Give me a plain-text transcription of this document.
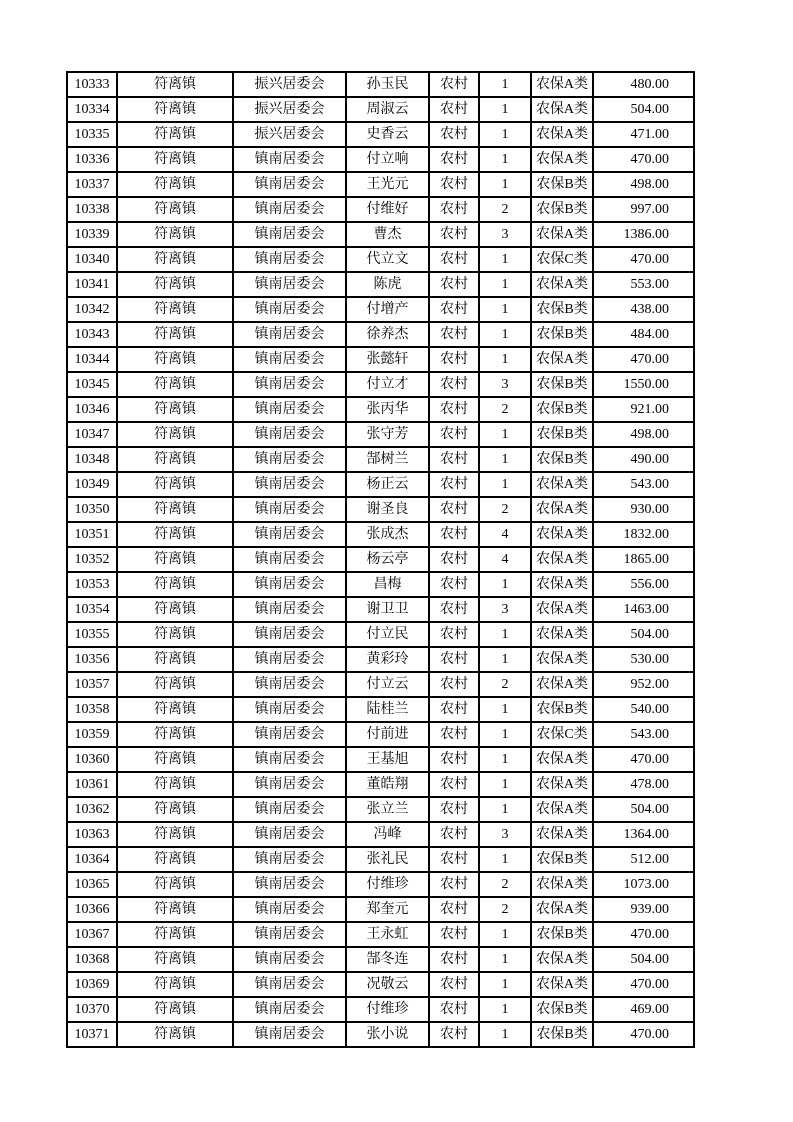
10333	符离镇	振兴居委会	孙玉民	农村	1	农保A类	480.00
10334	符离镇	振兴居委会	周淑云	农村	1	农保A类	504.00
10335	符离镇	振兴居委会	史香云	农村	1	农保A类	471.00
10336	符离镇	镇南居委会	付立响	农村	1	农保A类	470.00
10337	符离镇	镇南居委会	王光元	农村	1	农保B类	498.00
10338	符离镇	镇南居委会	付维好	农村	2	农保B类	997.00
10339	符离镇	镇南居委会	曹杰	农村	3	农保A类	1386.00
10340	符离镇	镇南居委会	代立文	农村	1	农保C类	470.00
10341	符离镇	镇南居委会	陈虎	农村	1	农保A类	553.00
10342	符离镇	镇南居委会	付增产	农村	1	农保B类	438.00
10343	符离镇	镇南居委会	徐养杰	农村	1	农保B类	484.00
10344	符离镇	镇南居委会	张懿轩	农村	1	农保A类	470.00
10345	符离镇	镇南居委会	付立才	农村	3	农保B类	1550.00
10346	符离镇	镇南居委会	张丙华	农村	2	农保B类	921.00
10347	符离镇	镇南居委会	张守芳	农村	1	农保B类	498.00
10348	符离镇	镇南居委会	郜树兰	农村	1	农保B类	490.00
10349	符离镇	镇南居委会	杨正云	农村	1	农保A类	543.00
10350	符离镇	镇南居委会	谢圣良	农村	2	农保A类	930.00
10351	符离镇	镇南居委会	张成杰	农村	4	农保A类	1832.00
10352	符离镇	镇南居委会	杨云亭	农村	4	农保A类	1865.00
10353	符离镇	镇南居委会	昌梅	农村	1	农保A类	556.00
10354	符离镇	镇南居委会	谢卫卫	农村	3	农保A类	1463.00
10355	符离镇	镇南居委会	付立民	农村	1	农保A类	504.00
10356	符离镇	镇南居委会	黄彩玲	农村	1	农保A类	530.00
10357	符离镇	镇南居委会	付立云	农村	2	农保A类	952.00
10358	符离镇	镇南居委会	陆桂兰	农村	1	农保B类	540.00
10359	符离镇	镇南居委会	付前进	农村	1	农保C类	543.00
10360	符离镇	镇南居委会	王基旭	农村	1	农保A类	470.00
10361	符离镇	镇南居委会	董皓翔	农村	1	农保A类	478.00
10362	符离镇	镇南居委会	张立兰	农村	1	农保A类	504.00
10363	符离镇	镇南居委会	冯峰	农村	3	农保A类	1364.00
10364	符离镇	镇南居委会	张礼民	农村	1	农保B类	512.00
10365	符离镇	镇南居委会	付维珍	农村	2	农保A类	1073.00
10366	符离镇	镇南居委会	郑奎元	农村	2	农保A类	939.00
10367	符离镇	镇南居委会	王永虹	农村	1	农保B类	470.00
10368	符离镇	镇南居委会	郜冬连	农村	1	农保A类	504.00
10369	符离镇	镇南居委会	况敬云	农村	1	农保A类	470.00
10370	符离镇	镇南居委会	付维珍	农村	1	农保B类	469.00
10371	符离镇	镇南居委会	张小说	农村	1	农保B类	470.00
